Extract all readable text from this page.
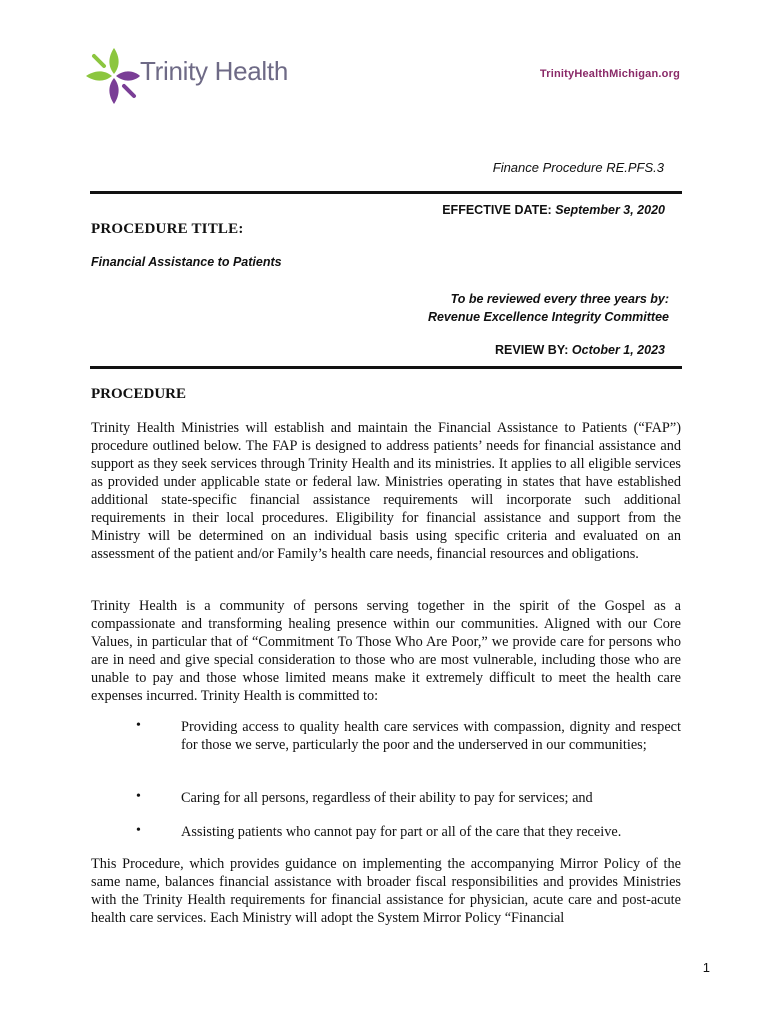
Trinity Health	TrinityHealthMichigan.org
Finance Procedure RE.PFS.3
EFFECTIVE DATE: September 3, 2020
PROCEDURE TITLE:
Financial Assistance to Patients
To be reviewed every three years by:
Revenue Excellence Integrity Committee
REVIEW BY: October 1, 2023
PROCEDURE
Trinity Health Ministries will establish and maintain the Financial Assistance to Patients (“FAP”) procedure outlined below. The FAP is designed to address patients’ needs for financial assistance and support as they seek services through Trinity Health and its ministries. It applies to all eligible services as provided under applicable state or federal law. Ministries operating in states that have established additional state-specific financial assistance requirements will incorporate such additional requirements in their local procedures. Eligibility for financial assistance and support from the Ministry will be determined on an individual basis using specific criteria and evaluated on an assessment of the patient and/or Family’s health care needs, financial resources and obligations.
Trinity Health is a community of persons serving together in the spirit of the Gospel as a compassionate and transforming healing presence within our communities. Aligned with our Core Values, in particular that of “Commitment To Those Who Are Poor,” we provide care for persons who are in need and give special consideration to those who are most vulnerable, including those who are unable to pay and those whose limited means make it extremely difficult to meet the health care expenses incurred. Trinity Health is committed to:
•	Providing access to quality health care services with compassion, dignity and respect for those we serve, particularly the poor and the underserved in our communities;
•	Caring for all persons, regardless of their ability to pay for services; and
•	Assisting patients who cannot pay for part or all of the care that they receive.
This Procedure, which provides guidance on implementing the accompanying Mirror Policy of the same name, balances financial assistance with broader fiscal responsibilities and provides Ministries with the Trinity Health requirements for financial assistance for physician, acute care and post-acute health care services. Each Ministry will adopt the System Mirror Policy “Financial
1
